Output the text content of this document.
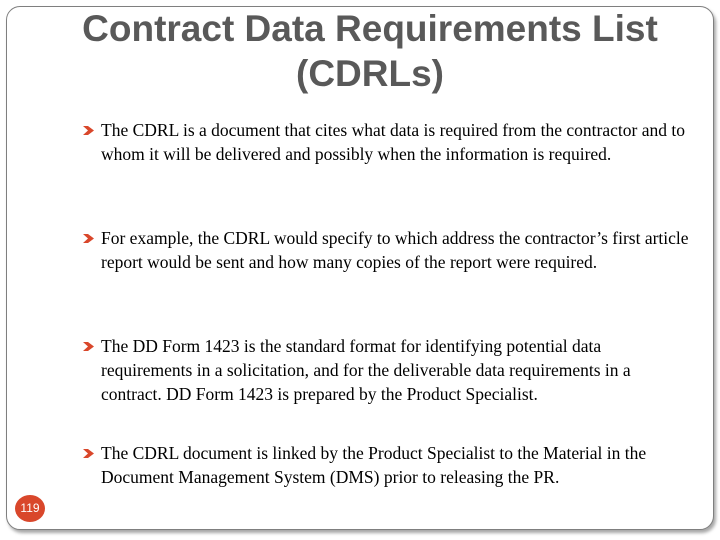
Contract Data Requirements List (CDRLs)
The CDRL is a document that cites what data is required from the contractor and to whom it will be delivered and possibly when the information is required.
For example, the CDRL would specify to which address the contractor’s first article report would be sent and how many copies of the report were required.
The DD Form 1423 is the standard format for identifying potential data requirements in a solicitation, and for the deliverable data requirements in a contract. DD Form 1423 is prepared by the Product Specialist.
The CDRL document is linked by the Product Specialist to the Material in the Document Management System (DMS) prior to releasing the PR.
119
